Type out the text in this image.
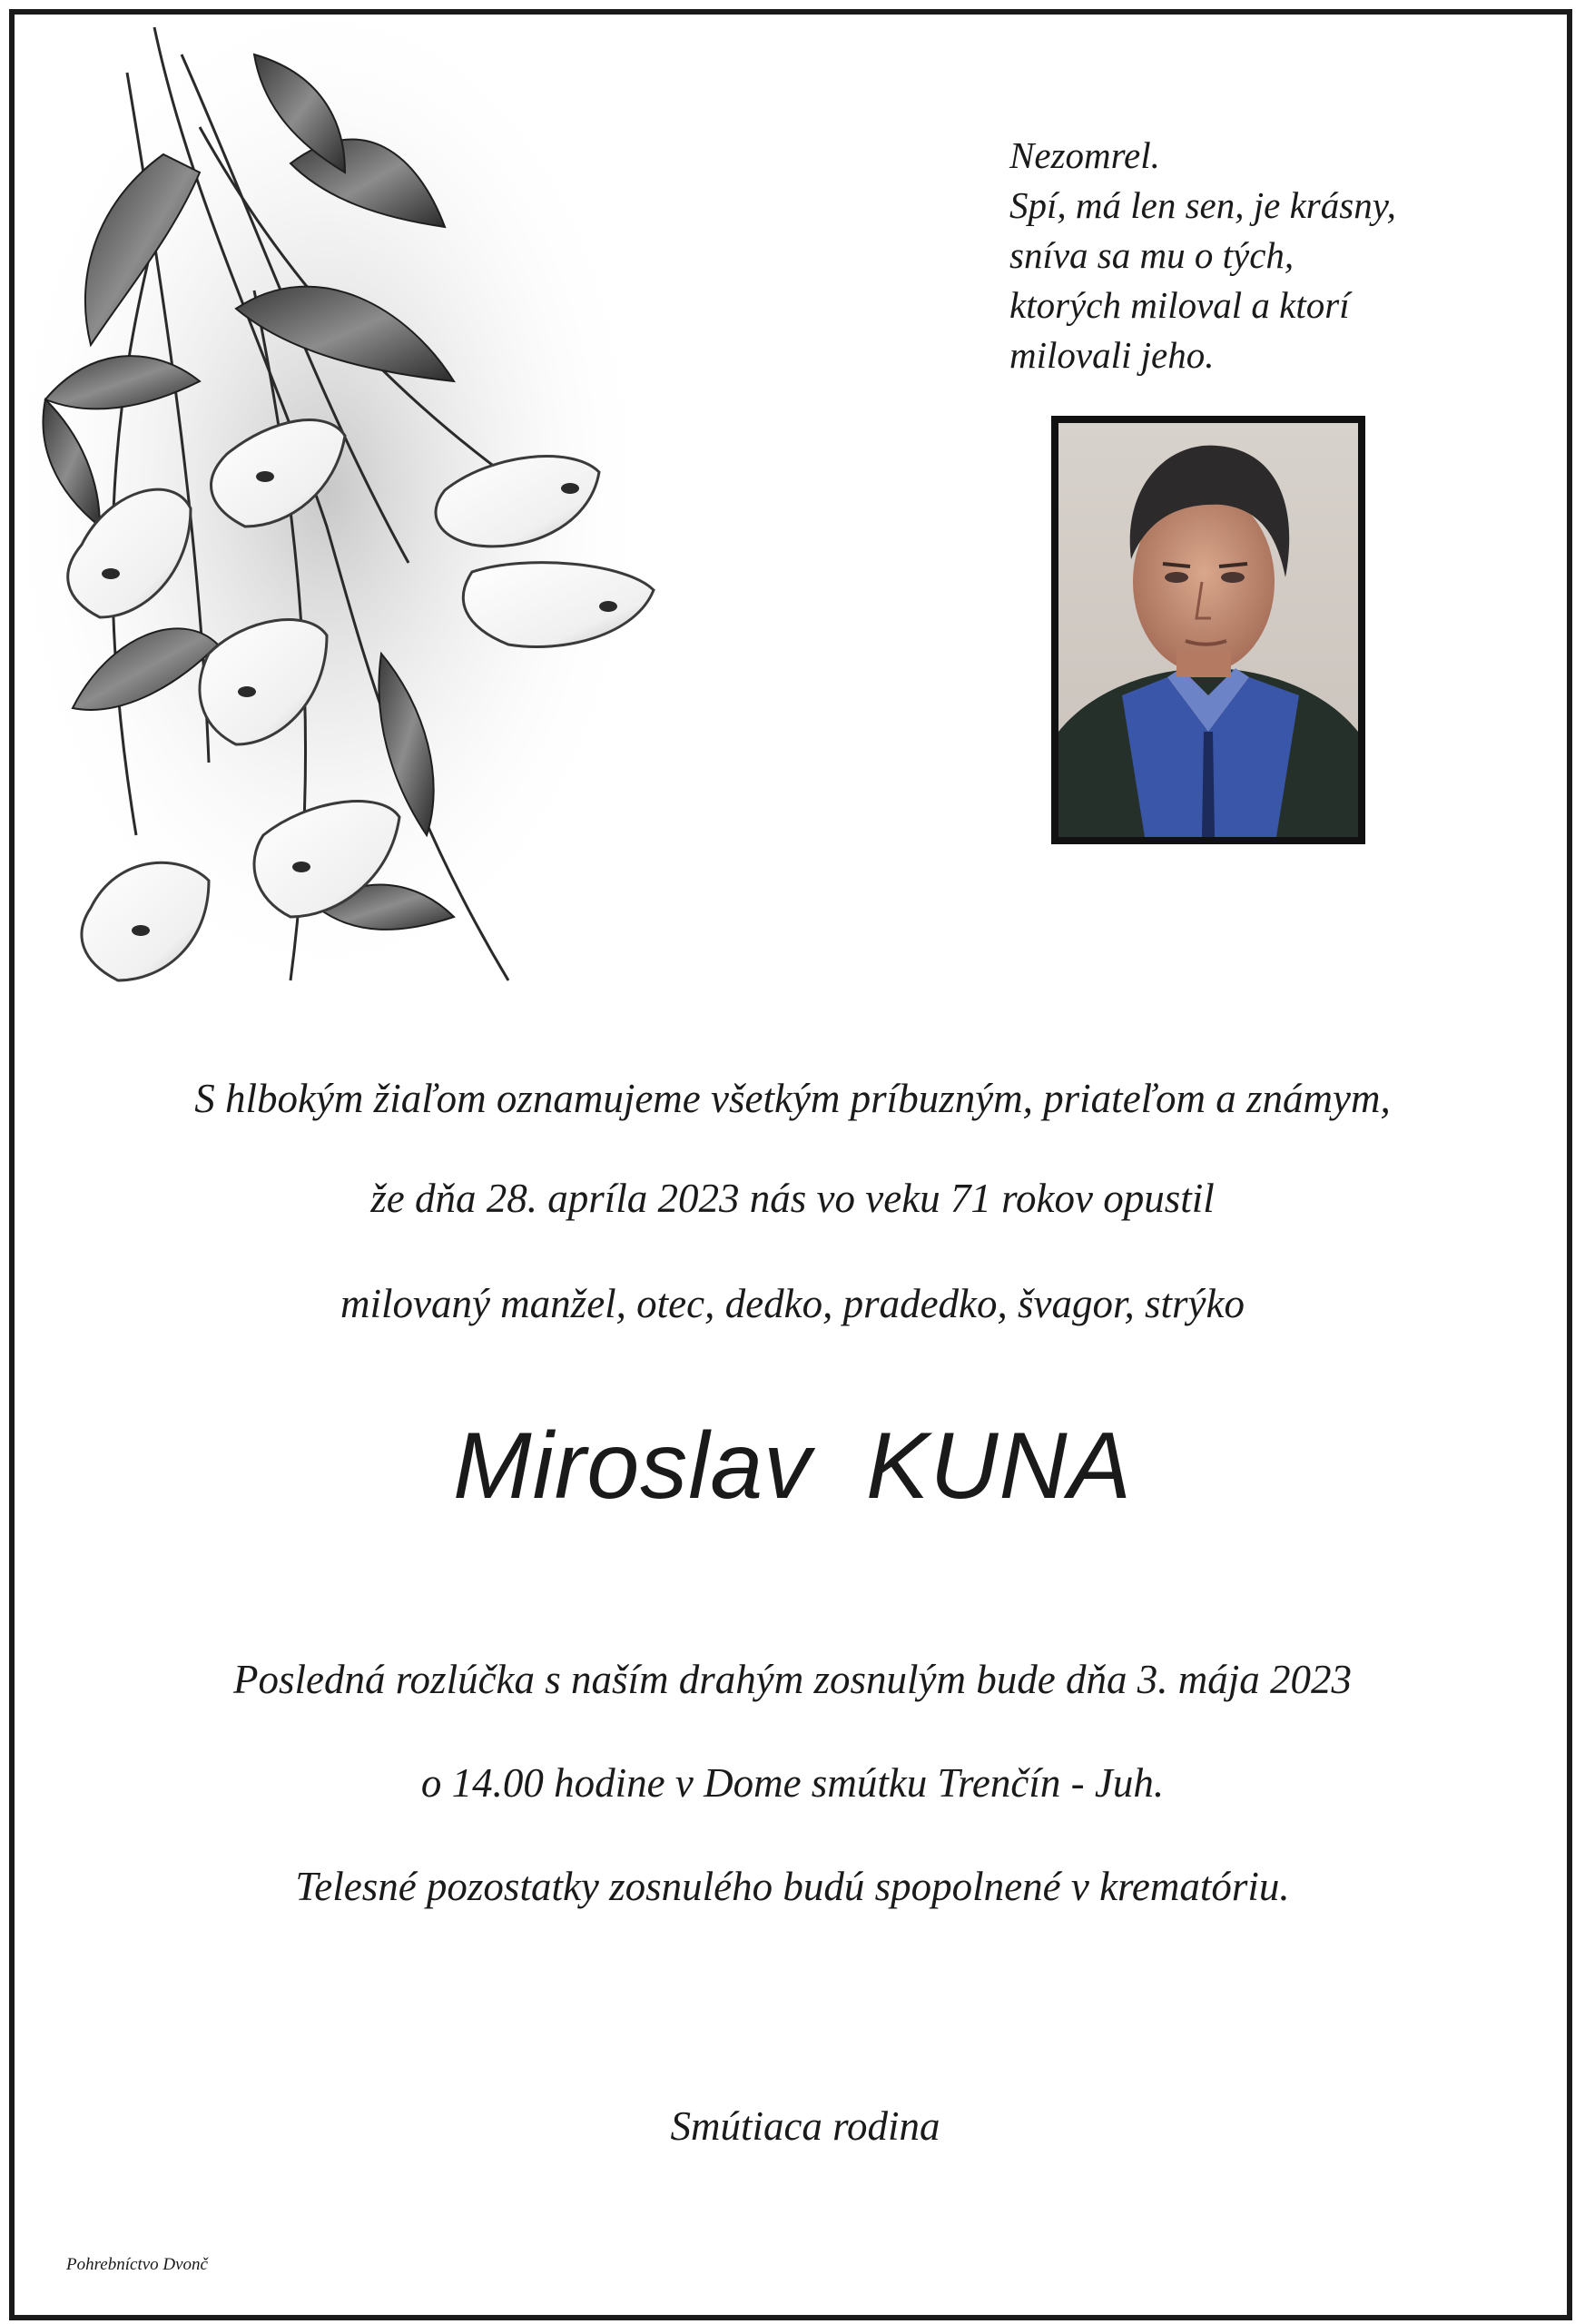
Nezomrel.
Spí, má len sen, je krásny,
sníva sa mu o tých,
ktorých miloval a ktorí
milovali jeho.
S hlbokým žiaľom oznamujeme všetkým príbuzným, priateľom a známym,
že dňa 28. apríla 2023 nás vo veku 71 rokov opustil
milovaný manžel, otec, dedko, pradedko, švagor, strýko
Miroslav  KUNA
Posledná rozlúčka s naším drahým zosnulým bude dňa 3. mája 2023
o 14.00 hodine v Dome smútku Trenčín - Juh.
Telesné pozostatky zosnulého budú spopolnené v krematóriu.
Smútiaca rodina
Pohrebníctvo Dvonč
